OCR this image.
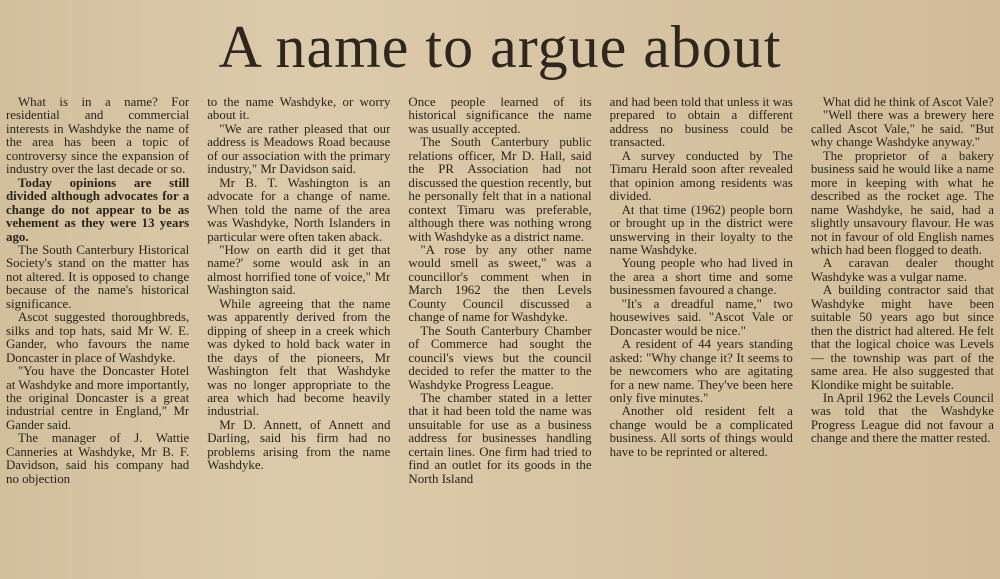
A name to argue about

What is in a name? For residential and commercial interests in Washdyke the name of the area has been a topic of controversy since the expansion of industry over the last decade or so.

Today opinions are still divided although advocates for a change do not appear to be as vehement as they were 13 years ago.

The South Canterbury Historical Society's stand on the matter has not altered. It is opposed to change because of the name's historical significance.

Ascot suggested thoroughbreds, silks and top hats, said Mr W. E. Gander, who favours the name Doncaster in place of Washdyke.

"You have the Doncaster Hotel at Washdyke and more importantly, the original Doncaster is a great industrial centre in England," Mr Gander said.

The manager of J. Wattie Canneries at Washdyke, Mr B. F. Davidson, said his company had no objection

to the name Washdyke, or worry about it.

"We are rather pleased that our address is Meadows Road because of our association with the primary industry," Mr Davidson said.

Mr B. T. Washington is an advocate for a change of name. When told the name of the area was Washdyke, North Islanders in particular were often taken aback.

"How on earth did it get that name?' some would ask in an almost horrified tone of voice," Mr Washington said.

While agreeing that the name was apparently derived from the dipping of sheep in a creek which was dyked to hold back water in the days of the pioneers, Mr Washington felt that Washdyke was no longer appropriate to the area which had become heavily industrial.

Mr D. Annett, of Annett and Darling, said his firm had no problems arising from the name Washdyke.

Once people learned of its historical significance the name was usually accepted.

The South Canterbury public relations officer, Mr D. Hall, said the PR Association had not discussed the question recently, but he personally felt that in a national context Timaru was preferable, although there was nothing wrong with Washdyke as a district name.

"A rose by any other name would smell as sweet," was a councillor's comment when in March 1962 the then Levels County Council discussed a change of name for Washdyke.

The South Canterbury Chamber of Commerce had sought the council's views but the council decided to refer the matter to the Washdyke Progress League.

The chamber stated in a letter that it had been told the name was unsuitable for use as a business address for businesses handling certain lines. One firm had tried to find an outlet for its goods in the North Island

and had been told that unless it was prepared to obtain a different address no business could be transacted.

A survey conducted by The Timaru Herald soon after revealed that opinion among residents was divided.

At that time (1962) people born or brought up in the district were unswerving in their loyalty to the name Washdyke.

Young people who had lived in the area a short time and some businessmen favoured a change.

"It's a dreadful name," two housewives said. "Ascot Vale or Doncaster would be nice."

A resident of 44 years standing asked: "Why change it? It seems to be newcomers who are agitating for a new name. They've been here only five minutes."

Another old resident felt a change would be a complicated business. All sorts of things would have to be reprinted or altered.

What did he think of Ascot Vale?

"Well there was a brewery here called Ascot Vale," he said. "But why change Washdyke anyway."

The proprietor of a bakery business said he would like a name more in keeping with what he described as the rocket age. The name Washdyke, he said, had a slightly unsavoury flavour. He was not in favour of old English names which had been flogged to death.

A caravan dealer thought Washdyke was a vulgar name.

A building contractor said that Washdyke might have been suitable 50 years ago but since then the district had altered. He felt that the logical choice was Levels — the township was part of the same area. He also suggested that Klondike might be suitable.

In April 1962 the Levels Council was told that the Washdyke Progress League did not favour a change and there the matter rested.
